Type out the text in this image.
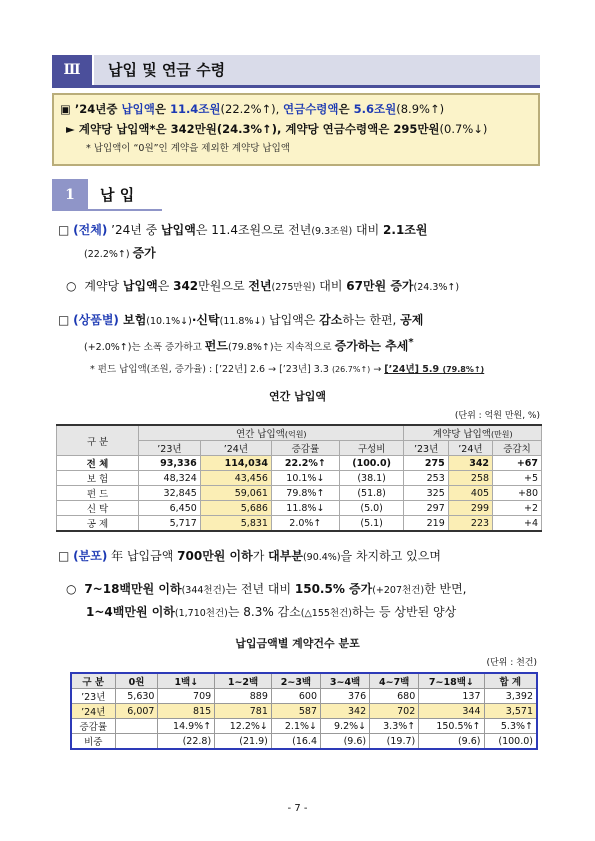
Ⅲ	납입 및 연금 수령
▣ ’24년중 납입액은 11.4조원(22.2%↑), 연금수령액은 5.6조원(8.9%↑)
► 계약당 납입액*은 342만원(24.3%↑), 계약당 연금수령액은 295만원(0.7%↓)
* 납입액이 “0원”인 계약을 제외한 계약당 납입액
1	납 입
□ (전체) ’24년 중 납입액은 11.4조원으로 전년(9.3조원) 대비 2.1조원
(22.2%↑) 증가
○ 계약당 납입액은 342만원으로 전년(275만원) 대비 67만원 증가(24.3%↑)
□ (상품별) 보험(10.1%↓)·신탁(11.8%↓) 납입액은 감소하는 한편, 공제
(+2.0%↑)는 소폭 증가하고 펀드(79.8%↑)는 지속적으로 증가하는 추세*
* 펀드 납입액(조원, 증가율) : [’22년] 2.6 → [’23년] 3.3 (26.7%↑) → [’24년] 5.9 (79.8%↑)
연간 납입액
(단위 : 억원 만원, %)
구 분	연간 납입액(억원)				계약당 납입액(만원)		
	’23년	’24년	증감률	구성비	’23년	’24년	증감치
전 체	93,336	114,034	22.2%↑	(100.0)	275	342	+67
보 험	48,324	43,456	10.1%↓	(38.1)	253	258	+5
펀 드	32,845	59,061	79.8%↑	(51.8)	325	405	+80
신 탁	6,450	5,686	11.8%↓	(5.0)	297	299	+2
공 제	5,717	5,831	2.0%↑	(5.1)	219	223	+4
□ (분포) 年 납입금액 700만원 이하가 대부분(90.4%)을 차지하고 있으며
○ 7~18백만원 이하(344천건)는 전년 대비 150.5% 증가(+207천건)한 반면,
1~4백만원 이하(1,710천건)는 8.3% 감소(△155천건)하는 등 상반된 양상
납입금액별 계약건수 분포
(단위 : 천건)
구 분	0원	1백↓	1~2백	2~3백	3~4백	4~7백	7~18백↓	합 계
’23년	5,630	709	889	600	376	680	137	3,392
’24년	6,007	815	781	587	342	702	344	3,571
증감률		14.9%↑	12.2%↓	2.1%↓	9.2%↓	3.3%↑	150.5%↑	5.3%↑
비중		(22.8)	(21.9)	(16.4	(9.6)	(19.7)	(9.6)	(100.0)
- 7 -
